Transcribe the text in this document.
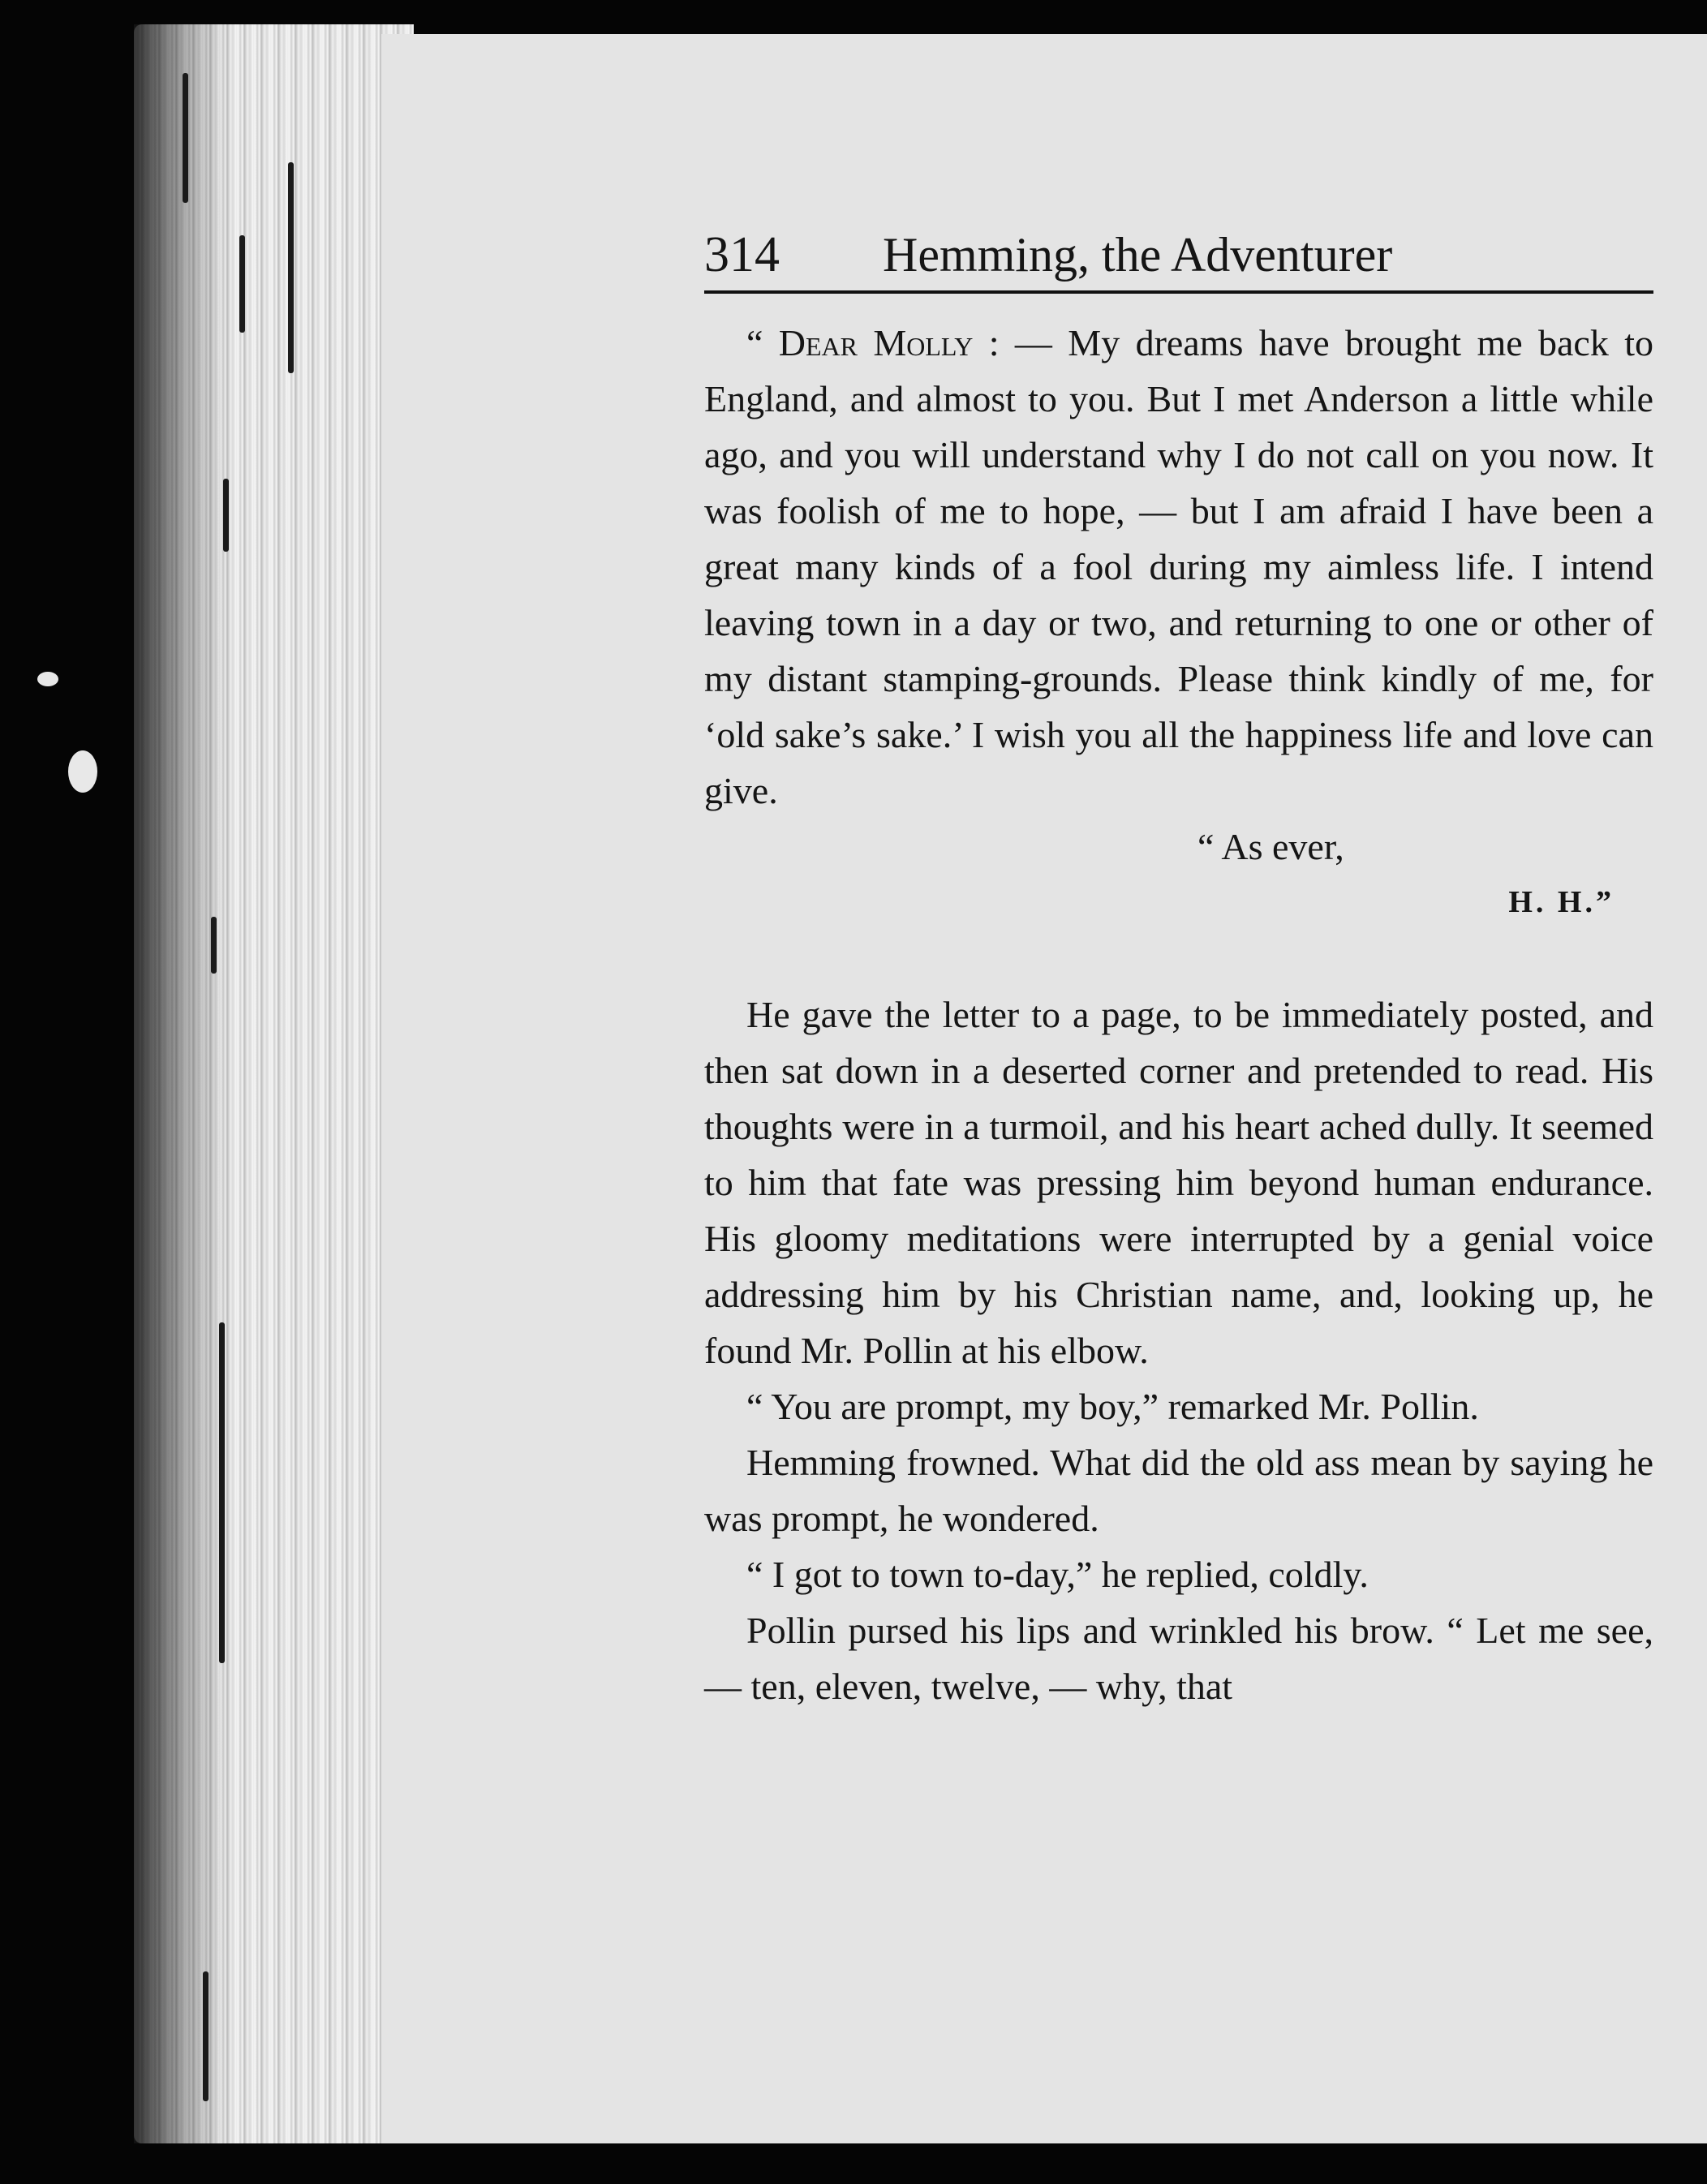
314 Hemming, the Adventurer

“ Dear Molly : — My dreams have brought me back to England, and almost to you. But I met Anderson a little while ago, and you will understand why I do not call on you now. It was foolish of me to hope, — but I am afraid I have been a great many kinds of a fool during my aimless life. I intend leaving town in a day or two, and returning to one or other of my distant stamping-grounds. Please think kindly of me, for ‘old sake’s sake.’ I wish you all the happiness life and love can give.

“ As ever,

H. H.”

He gave the letter to a page, to be immediately posted, and then sat down in a deserted corner and pretended to read. His thoughts were in a turmoil, and his heart ached dully. It seemed to him that fate was pressing him beyond human endurance. His gloomy meditations were interrupted by a genial voice addressing him by his Christian name, and, looking up, he found Mr. Pollin at his elbow.

“ You are prompt, my boy,” remarked Mr. Pollin.

Hemming frowned. What did the old ass mean by saying he was prompt, he wondered.

“ I got to town to-day,” he replied, coldly.

Pollin pursed his lips and wrinkled his brow. “ Let me see, — ten, eleven, twelve, — why, that
